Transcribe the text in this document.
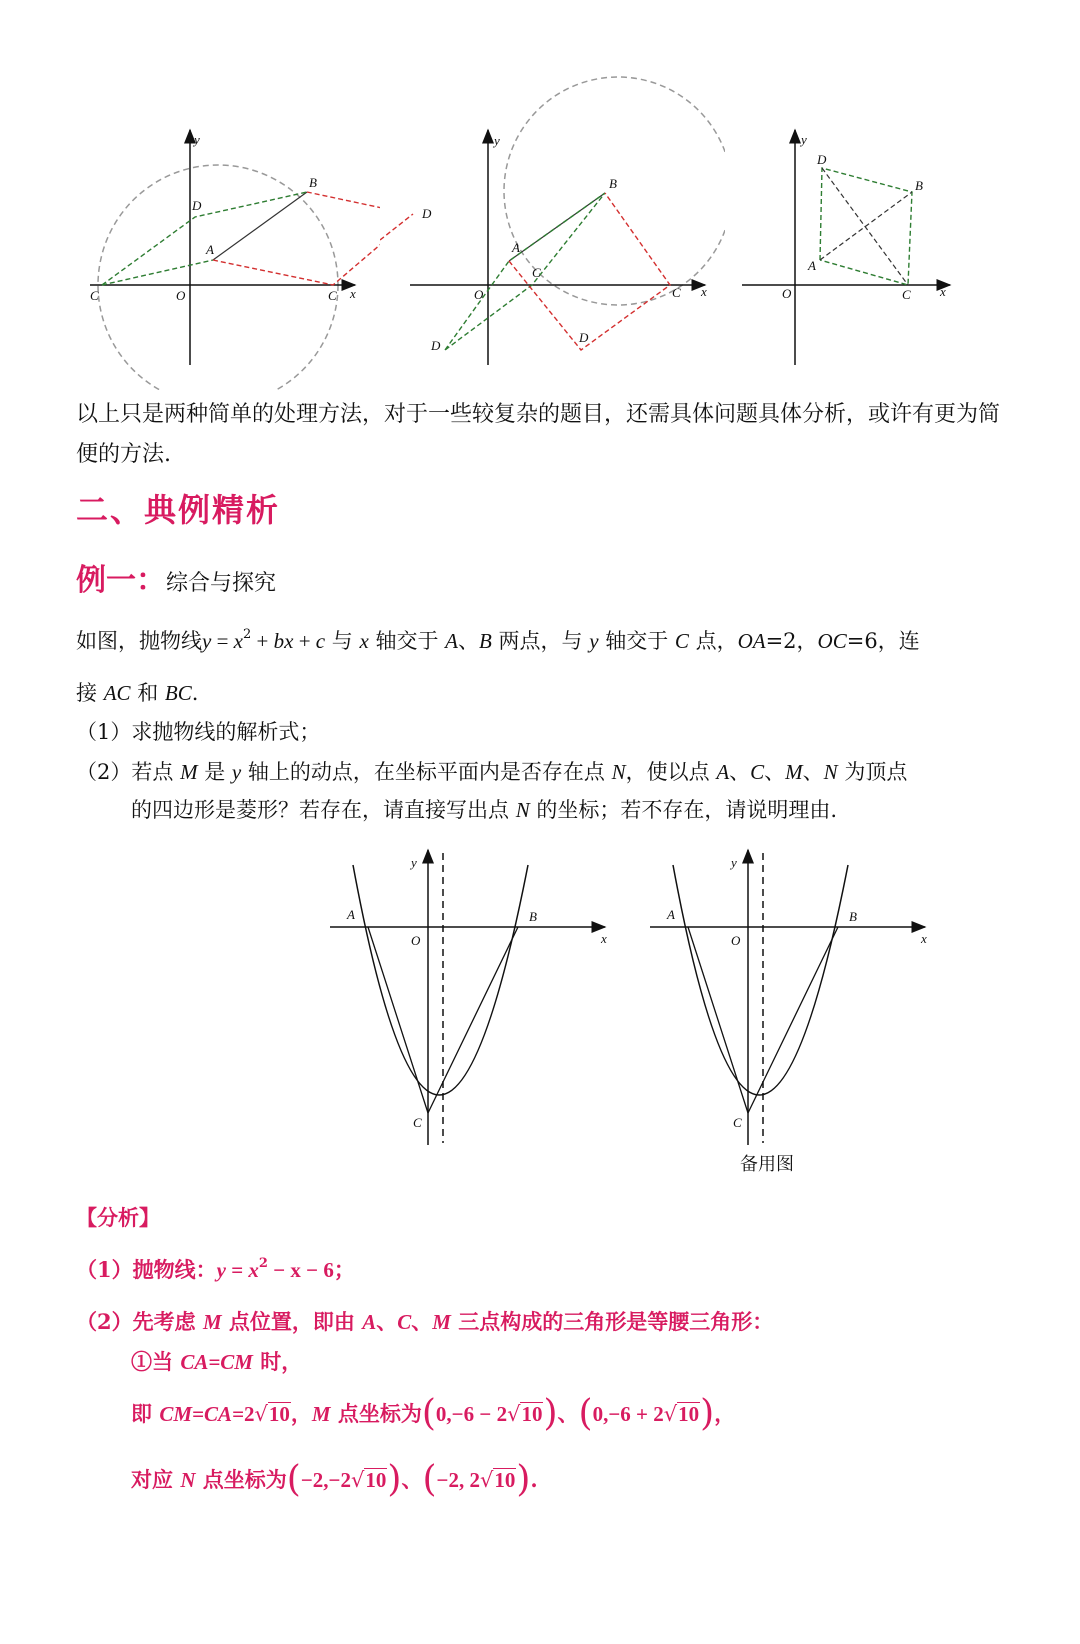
y
x
O
A
B
C	C
D
D
y
x
O
A
B
C
C
D
D
y
x
O
A
B
C
D
以上只是两种简单的处理方法，对于一些较复杂的题目，还需具体问题具体分析，或许有更为简便的方法.
二、典例精析
例一：综合与探究
如图，抛物线$y = x^2$ + bx + c 与 x 轴交于 A、B 两点，与 y 轴交于 C 点，OA=2，OC=6，连
接 AC 和 BC.
（1）求抛物线的解析式；
（2）若点 M 是 y 轴上的动点，在坐标平面内是否存在点 N，使以点 A、C、M、N 为顶点
的四边形是菱形？若存在，请直接写出点 N 的坐标；若不存在，请说明理由.
y
x
O
A	B
C
y
x
O
A	B
C
备用图
【分析】
（1）抛物线：$y = x^2 - x - 6$；
（2）先考虑 M 点位置，即由 A、C、M 三点构成的三角形是等腰三角形：
①当 CA=CM 时，
即 CM=CA=2√10，M 点坐标为(0,−6 − 2√10)、(0,−6 + 2√10)，
对应 N 点坐标为(−2,−2√10)、(−2, 2√10).
